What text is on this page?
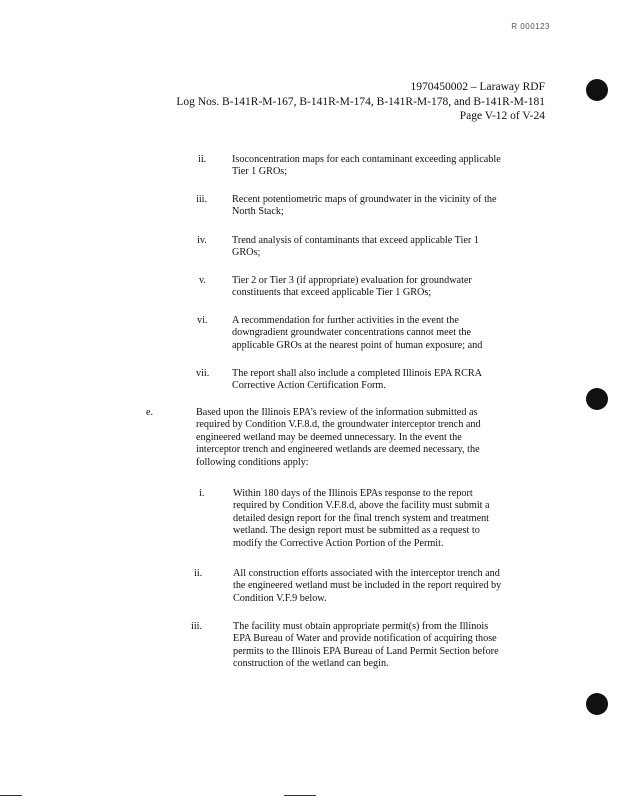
R 000123
1970450002 – Laraway RDF
Log Nos. B-141R-M-167, B-141R-M-174, B-141R-M-178, and B-141R-M-181
Page V-12 of V-24
ii.	Isoconcentration maps for each contaminant exceeding applicable
Tier 1 GROs;
iii. Recent potentiometric maps of groundwater in the vicinity of the
North Stack;
iv. Trend analysis of contaminants that exceed applicable Tier 1
GROs;
v.	Tier 2 or Tier 3 (if appropriate) evaluation for groundwater
constituents that exceed applicable Tier 1 GROs;
vi. A recommendation for further activities in the event the
downgradient groundwater concentrations cannot meet the
applicable GROs at the nearest point of human exposure; and
vii. The report shall also include a completed Illinois EPA RCRA
Corrective Action Certification Form.
e.	Based upon the Illinois EPA’s review of the information submitted as
required by Condition V.F.8.d, the groundwater interceptor trench and
engineered wetland may be deemed unnecessary. In the event the
interceptor trench and engineered wetlands are deemed necessary, the
following conditions apply:
i.	Within 180 days of the Illinois EPAs response to the report
required by Condition V.F.8.d, above the facility must submit a
detailed design report for the final trench system and treatment
wetland. The design report must be submitted as a request to
modify the Corrective Action Portion of the Permit.
ii.	All construction efforts associated with the interceptor trench and
the engineered wetland must be included in the report required by
Condition V.F.9 below.
iii.	The facility must obtain appropriate permit(s) from the Illinois
EPA Bureau of Water and provide notification of acquiring those
permits to the Illinois EPA Bureau of Land Permit Section before
construction of the wetland can begin.
